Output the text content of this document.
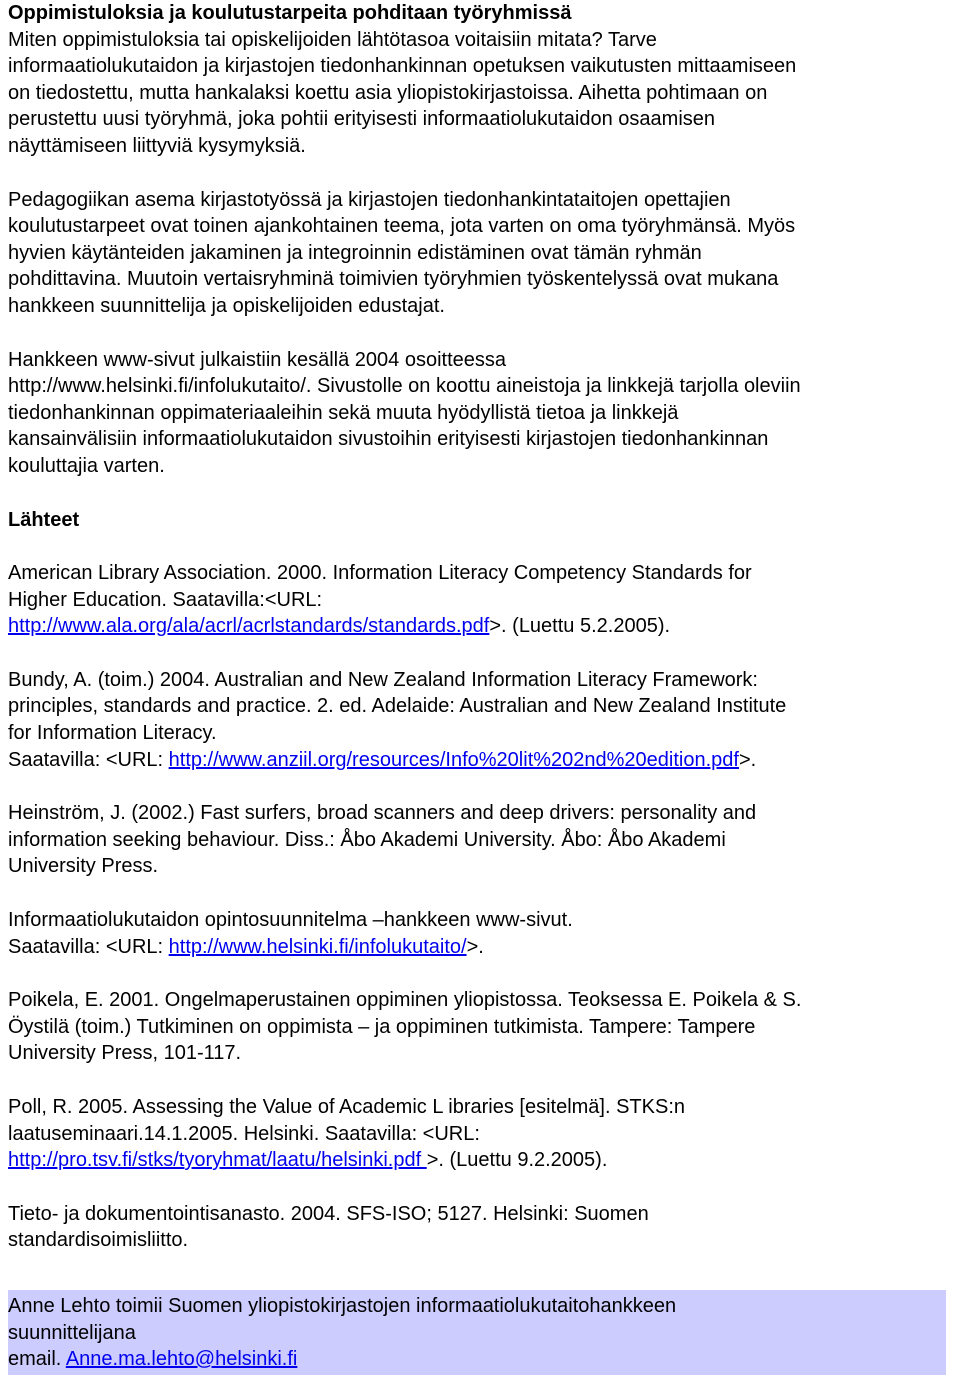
Oppimistuloksia ja koulutustarpeita pohditaan työryhmissä

Miten oppimistuloksia tai opiskelijoiden lähtötasoa voitaisiin mitata? Tarve

informaatiolukutaidon ja kirjastojen tiedonhankinnan opetuksen vaikutusten mittaamiseen

on tiedostettu, mutta hankalaksi koettu asia yliopistokirjastoissa. Aihetta pohtimaan on

perustettu uusi työryhmä, joka pohtii erityisesti informaatiolukutaidon osaamisen

näyttämiseen liittyviä kysymyksiä.

Pedagogiikan asema kirjastotyössä ja kirjastojen tiedonhankintataitojen opettajien

koulutustarpeet ovat toinen ajankohtainen teema, jota varten on oma työryhmänsä. Myös

hyvien käytänteiden jakaminen ja integroinnin edistäminen ovat tämän ryhmän

pohdittavina. Muutoin vertaisryhminä toimivien työryhmien työskentelyssä ovat mukana

hankkeen suunnittelija ja opiskelijoiden edustajat.

Hankkeen www-sivut julkaistiin kesällä 2004 osoitteessa

http://www.helsinki.fi/infolukutaito/. Sivustolle on koottu aineistoja ja linkkejä tarjolla oleviin

tiedonhankinnan oppimateriaaleihin sekä muuta hyödyllistä tietoa ja linkkejä

kansainvälisiin informaatiolukutaidon sivustoihin erityisesti kirjastojen tiedonhankinnan

kouluttajia varten.

Lähteet

American Library Association. 2000. Information Literacy Competency Standards for

Higher Education. Saatavilla:<URL:

http://www.ala.org/ala/acrl/acrlstandards/standards.pdf>. (Luettu 5.2.2005).

Bundy, A. (toim.) 2004. Australian and New Zealand Information Literacy Framework:

principles, standards and practice. 2. ed. Adelaide: Australian and New Zealand Institute

for Information Literacy.

Saatavilla: <URL: http://www.anziil.org/resources/Info%20lit%202nd%20edition.pdf>.

Heinström, J. (2002.) Fast surfers, broad scanners and deep drivers: personality and

information seeking behaviour. Diss.: Åbo Akademi University. Åbo: Åbo Akademi

University Press.

Informaatiolukutaidon opintosuunnitelma –hankkeen www-sivut.

Saatavilla: <URL: http://www.helsinki.fi/infolukutaito/>.

Poikela, E. 2001. Ongelmaperustainen oppiminen yliopistossa. Teoksessa E. Poikela & S.

Öystilä (toim.) Tutkiminen on oppimista – ja oppiminen tutkimista. Tampere: Tampere

University Press, 101-117.

Poll, R. 2005. Assessing the Value of Academic L ibraries [esitelmä]. STKS:n

laatuseminaari.14.1.2005. Helsinki. Saatavilla: <URL:

http://pro.tsv.fi/stks/tyoryhmat/laatu/helsinki.pdf >. (Luettu 9.2.2005).

Tieto- ja dokumentointisanasto. 2004. SFS-ISO; 5127. Helsinki: Suomen

standardisoimisliitto.

Anne Lehto toimii Suomen yliopistokirjastojen informaatiolukutaitohankkeen

suunnittelijana

email. Anne.ma.lehto@helsinki.fi
